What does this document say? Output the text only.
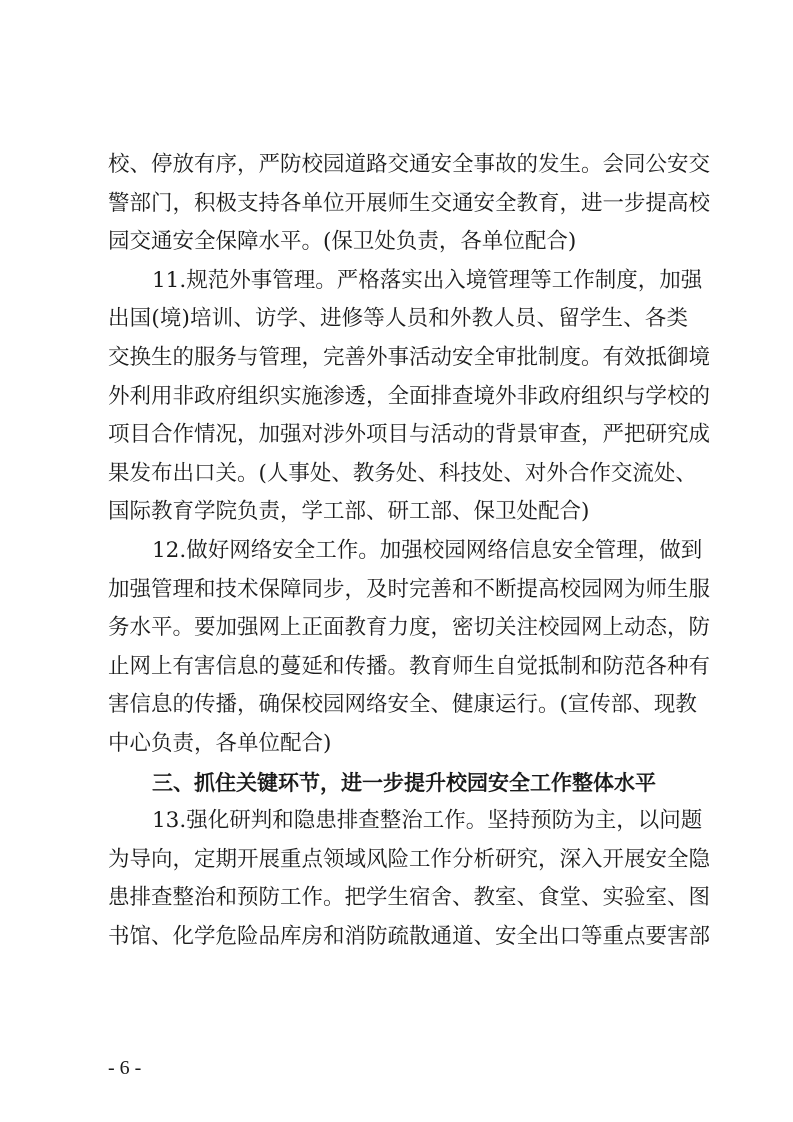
校、停放有序，严防校园道路交通安全事故的发生。会同公安交
警部门，积极支持各单位开展师生交通安全教育，进一步提高校
园交通安全保障水平。(保卫处负责，各单位配合)
11.规范外事管理。严格落实出入境管理等工作制度，加强
出国(境)培训、访学、进修等人员和外教人员、留学生、各类
交换生的服务与管理，完善外事活动安全审批制度。有效抵御境
外利用非政府组织实施渗透，全面排查境外非政府组织与学校的
项目合作情况，加强对涉外项目与活动的背景审查，严把研究成
果发布出口关。(人事处、教务处、科技处、对外合作交流处、
国际教育学院负责，学工部、研工部、保卫处配合)
12.做好网络安全工作。加强校园网络信息安全管理，做到
加强管理和技术保障同步，及时完善和不断提高校园网为师生服
务水平。要加强网上正面教育力度，密切关注校园网上动态，防
止网上有害信息的蔓延和传播。教育师生自觉抵制和防范各种有
害信息的传播，确保校园网络安全、健康运行。(宣传部、现教
中心负责，各单位配合)
三、抓住关键环节，进一步提升校园安全工作整体水平
13.强化研判和隐患排查整治工作。坚持预防为主，以问题
为导向，定期开展重点领域风险工作分析研究，深入开展安全隐
患排查整治和预防工作。把学生宿舍、教室、食堂、实验室、图
书馆、化学危险品库房和消防疏散通道、安全出口等重点要害部
- 6 -
